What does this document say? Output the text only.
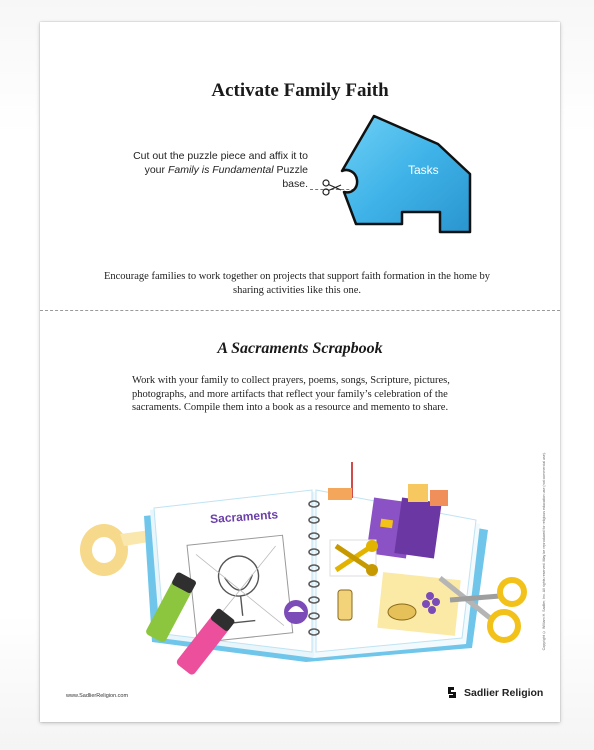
Activate Family Faith
Cut out the puzzle piece and affix it to
your Family is Fundamental Puzzle base.
Tasks
Encourage families to work together on projects that support faith formation in the home by sharing activities like this one.
A Sacraments Scrapbook
Work with your family to collect prayers, poems, songs, Scripture, pictures, photographs, and more artifacts that reflect your family’s celebration of the sacraments. Compile them into a book as a resource and memento to share.
Sacraments	Copyright © William H. Sadlier, Inc. All rights reserved. May be reproduced for religious education use (not commercial use).
www.SadlierReligion.com	Sadlier Religion
